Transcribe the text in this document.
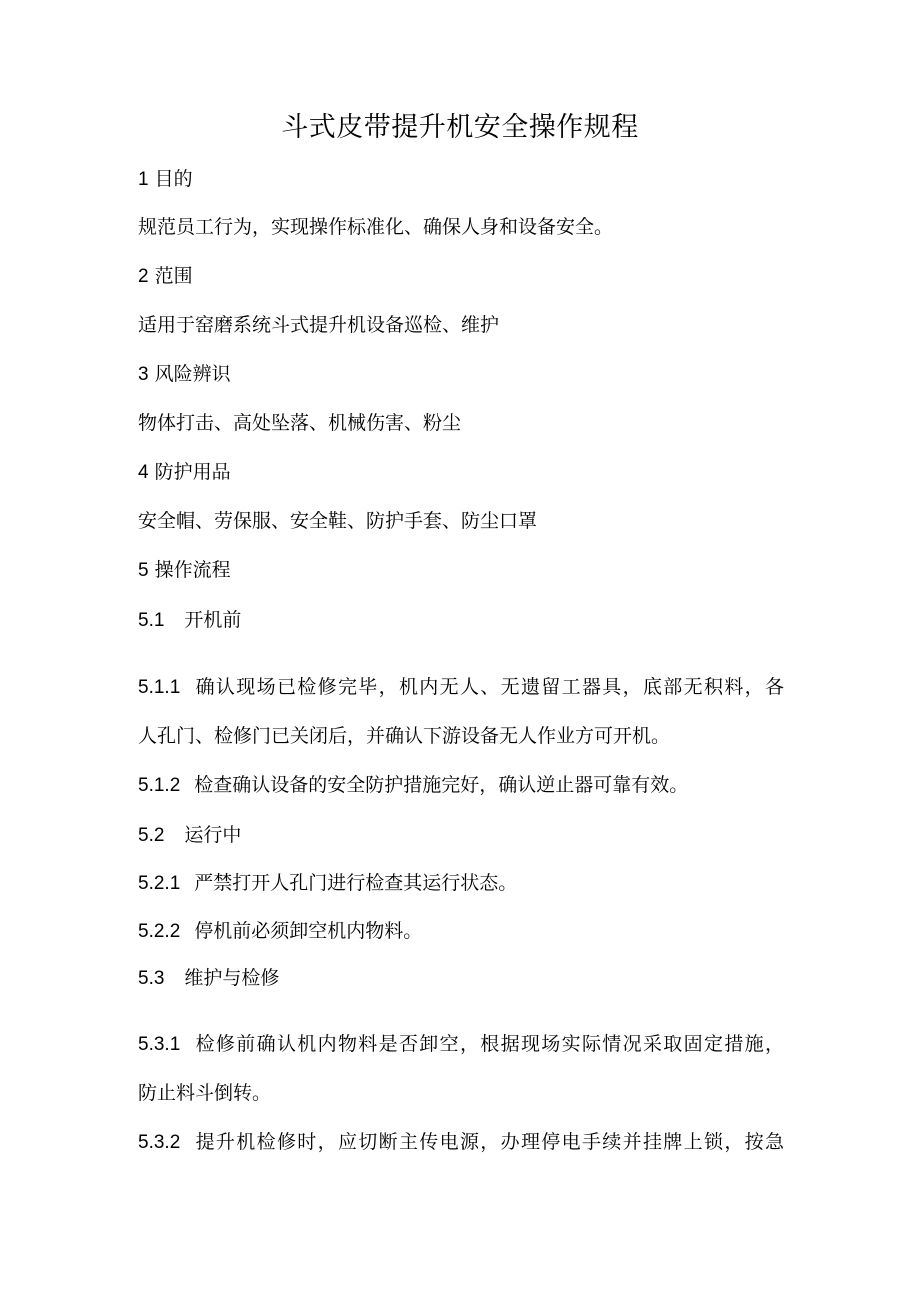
斗式皮带提升机安全操作规程
1 目的
规范员工行为，实现操作标准化、确保人身和设备安全。
2 范围
适用于窑磨系统斗式提升机设备巡检、维护
3 风险辨识
物体打击、高处坠落、机械伤害、粉尘
4 防护用品
安全帽、劳保服、安全鞋、防护手套、防尘口罩
5 操作流程
5.1 开机前
5.1.1 确认现场已检修完毕，机内无人、无遗留工器具，底部无积料，各
人孔门、检修门已关闭后，并确认下游设备无人作业方可开机。
5.1.2 检查确认设备的安全防护措施完好，确认逆止器可靠有效。
5.2 运行中
5.2.1 严禁打开人孔门进行检查其运行状态。
5.2.2 停机前必须卸空机内物料。
5.3 维护与检修
5.3.1 检修前确认机内物料是否卸空，根据现场实际情况采取固定措施，
防止料斗倒转。
5.3.2 提升机检修时，应切断主传电源，办理停电手续并挂牌上锁，按急
